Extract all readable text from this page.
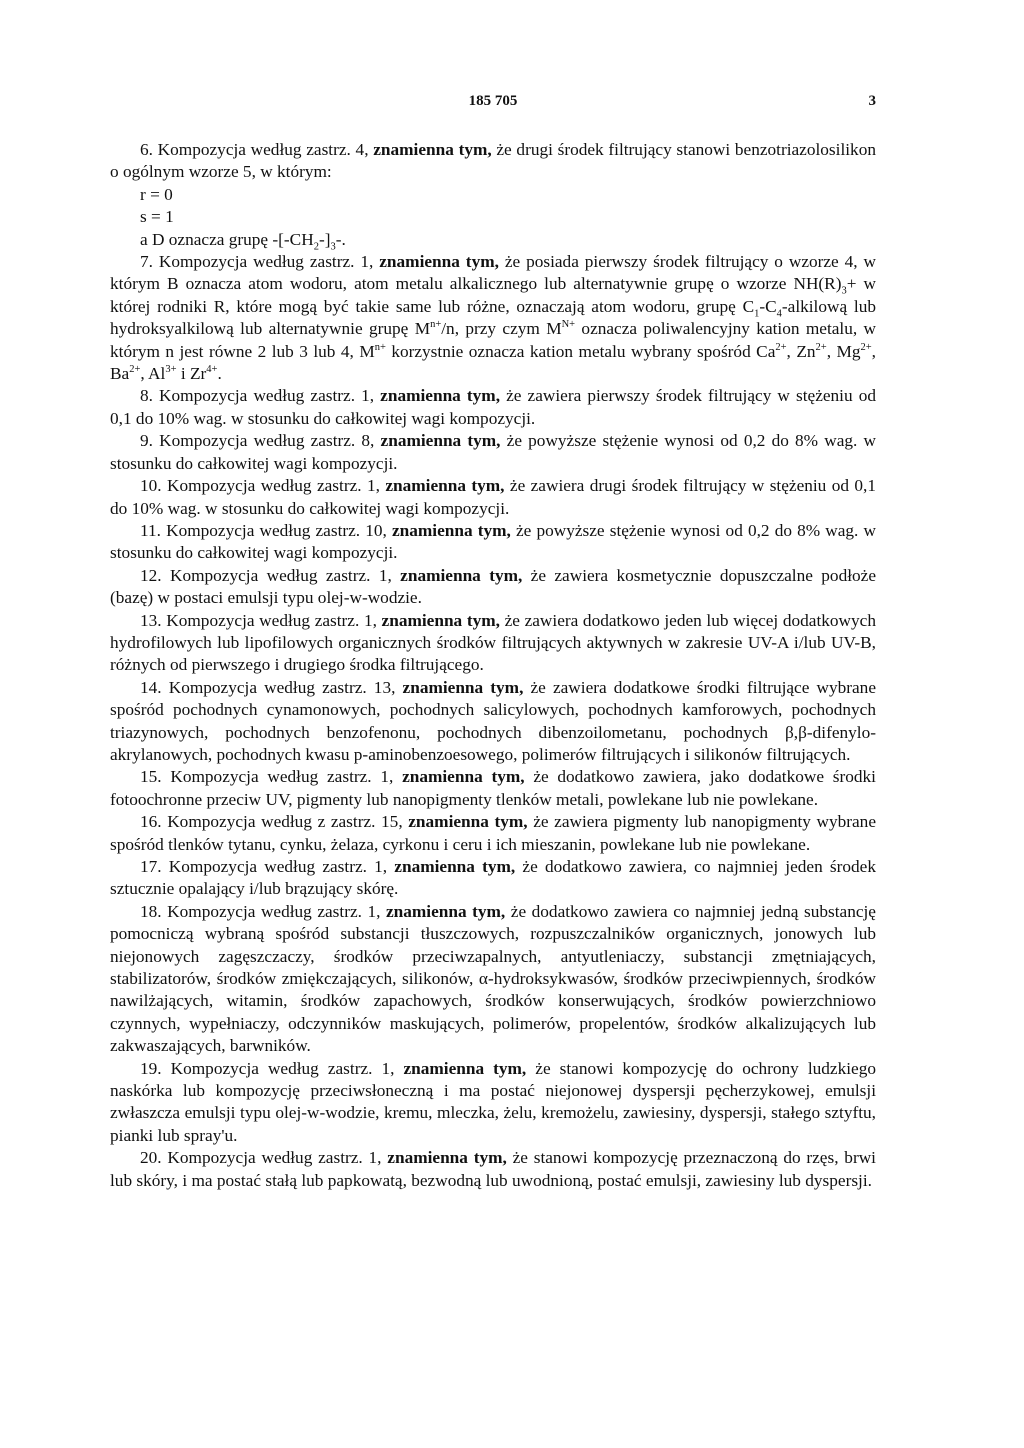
185 705	3

6. Kompozycja według zastrz. 4, znamienna tym, że drugi środek filtrujący stanowi benzotriazolosilikon o ogólnym wzorze 5, w którym:

r = 0

s = 1

a D oznacza grupę $-[-CH_2-]_3-$.

7. Kompozycja według zastrz. 1, znamienna tym, że posiada pierwszy środek filtrujący o wzorze 4, w którym B oznacza atom wodoru, atom metalu alkalicznego lub alternatywnie grupę o wzorze $NH(R)_3+ w$ której rodniki R, które mogą być takie same lub różne, oznaczają atom wodoru, grupę $C_1-C_4$-alkilową lub hydroksyalkilową lub alternatywnie grupę $M^{n+}/n$, przy czym $M^{N+}$ oznacza poliwalencyjny kation metalu, w którym n jest równe 2 lub 3 lub 4, $M^{n+}$ korzystnie oznacza kation metalu wybrany spośród $Ca^{2+}$, $Zn^{2+}$, $Mg^{2+}$, $Ba^{2+}$, $Al^{3+}$ i $Zr^{4+}$.

8. Kompozycja według zastrz. 1, znamienna tym, że zawiera pierwszy środek filtrujący w stężeniu od 0,1 do 10% wag. w stosunku do całkowitej wagi kompozycji.

9. Kompozycja według zastrz. 8, znamienna tym, że powyższe stężenie wynosi od 0,2 do 8% wag. w stosunku do całkowitej wagi kompozycji.

10. Kompozycja według zastrz. 1, znamienna tym, że zawiera drugi środek filtrujący w stężeniu od 0,1 do 10% wag. w stosunku do całkowitej wagi kompozycji.

11. Kompozycja według zastrz. 10, znamienna tym, że powyższe stężenie wynosi od 0,2 do 8% wag. w stosunku do całkowitej wagi kompozycji.

12. Kompozycja według zastrz. 1, znamienna tym, że zawiera kosmetycznie dopuszczalne podłoże (bazę) w postaci emulsji typu olej-w-wodzie.

13. Kompozycja według zastrz. 1, znamienna tym, że zawiera dodatkowo jeden lub więcej dodatkowych hydrofilowych lub lipofilowych organicznych środków filtrujących aktywnych w zakresie UV-A i/lub UV-B, różnych od pierwszego i drugiego środka filtrującego.

14. Kompozycja według zastrz. 13, znamienna tym, że zawiera dodatkowe środki filtrujące wybrane spośród pochodnych cynamonowych, pochodnych salicylowych, pochodnych kamforowych, pochodnych triazynowych, pochodnych benzofenonu, pochodnych dibenzoilometanu, pochodnych β,β-difenylo-akrylanowych, pochodnych kwasu p-aminobenzoesowego, polimerów filtrujących i silikonów filtrujących.

15. Kompozycja według zastrz. 1, znamienna tym, że dodatkowo zawiera, jako dodatkowe środki fotoochronne przeciw UV, pigmenty lub nanopigmenty tlenków metali, powlekane lub nie powlekane.

16. Kompozycja według z zastrz. 15, znamienna tym, że zawiera pigmenty lub nanopigmenty wybrane spośród tlenków tytanu, cynku, żelaza, cyrkonu i ceru i ich mieszanin, powlekane lub nie powlekane.

17. Kompozycja według zastrz. 1, znamienna tym, że dodatkowo zawiera, co najmniej jeden środek sztucznie opalający i/lub brązujący skórę.

18. Kompozycja według zastrz. 1, znamienna tym, że dodatkowo zawiera co najmniej jedną substancję pomocniczą wybraną spośród substancji tłuszczowych, rozpuszczalników organicznych, jonowych lub niejonowych zagęszczaczy, środków przeciwzapalnych, antyutleniaczy, substancji zmętniających, stabilizatorów, środków zmiękczających, silikonów, α-hydroksykwasów, środków przeciwpiennych, środków nawilżających, witamin, środków zapachowych, środków konserwujących, środków powierzchniowo czynnych, wypełniaczy, odczynników maskujących, polimerów, propelentów, środków alkalizujących lub zakwaszających, barwników.

19. Kompozycja według zastrz. 1, znamienna tym, że stanowi kompozycję do ochrony ludzkiego naskórka lub kompozycję przeciwsłoneczną i ma postać niejonowej dyspersji pęcherzykowej, emulsji zwłaszcza emulsji typu olej-w-wodzie, kremu, mleczka, żelu, kremożelu, zawiesiny, dyspersji, stałego sztyftu, pianki lub spray'u.

20. Kompozycja według zastrz. 1, znamienna tym, że stanowi kompozycję przeznaczoną do rzęs, brwi lub skóry, i ma postać stałą lub papkowatą, bezwodną lub uwodnioną, postać emulsji, zawiesiny lub dyspersji.
